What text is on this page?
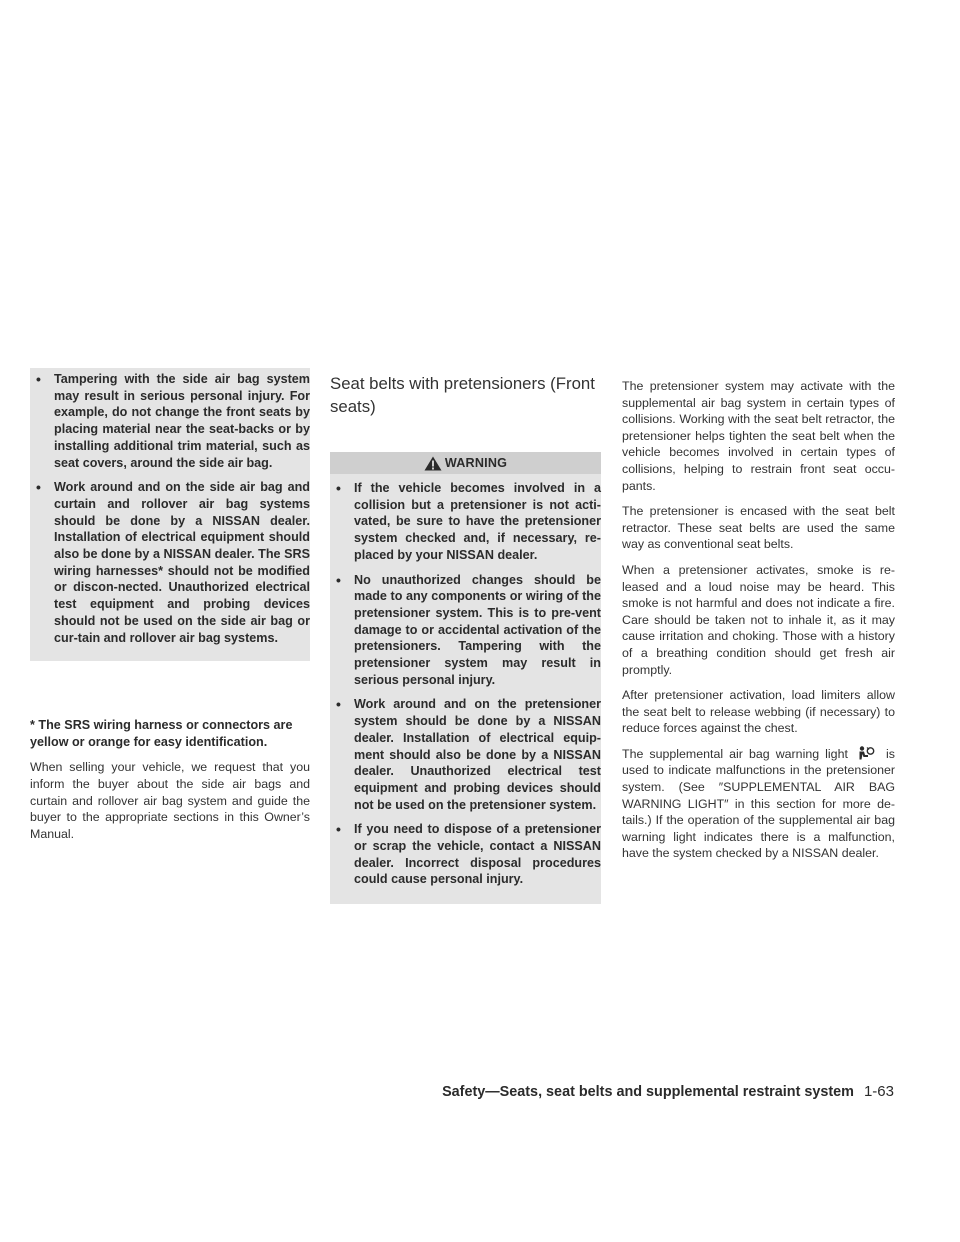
• Tampering with the side air bag system may result in serious personal injury. For example, do not change the front seats by placing material near the seat-backs or by installing additional trim material, such as seat covers, around the side air bag.
• Work around and on the side air bag and curtain and rollover air bag systems should be done by a NISSAN dealer. Installation of electrical equipment should also be done by a NISSAN dealer. The SRS wiring harnesses* should not be modified or discon-nected. Unauthorized electrical test equipment and probing devices should not be used on the side air bag or cur-tain and rollover air bag systems.

* The SRS wiring harness or connectors are yellow or orange for easy identification.

When selling your vehicle, we request that you inform the buyer about the side air bags and curtain and rollover air bag system and guide the buyer to the appropriate sections in this Owner’s Manual.

Seat belts with pretensioners (Front seats)
WARNING
• If the vehicle becomes involved in a collision but a pretensioner is not acti-vated, be sure to have the pretensioner system checked and, if necessary, re-placed by your NISSAN dealer.
• No unauthorized changes should be made to any components or wiring of the pretensioner system. This is to pre-vent damage to or accidental activation of the pretensioners. Tampering with the pretensioner system may result in serious personal injury.
• Work around and on the pretensioner system should be done by a NISSAN dealer. Installation of electrical equip-ment should also be done by a NISSAN dealer. Unauthorized electrical test equipment and probing devices should not be used on the pretensioner system.
• If you need to dispose of a pretensioner or scrap the vehicle, contact a NISSAN dealer. Incorrect disposal procedures could cause personal injury.

The pretensioner system may activate with the supplemental air bag system in certain types of collisions. Working with the seat belt retractor, the pretensioner helps tighten the seat belt when the vehicle becomes involved in certain types of collisions, helping to restrain front seat occu-pants.

The pretensioner is encased with the seat belt retractor. These seat belts are used the same way as conventional seat belts.

When a pretensioner activates, smoke is re-leased and a loud noise may be heard. This smoke is not harmful and does not indicate a fire. Care should be taken not to inhale it, as it may cause irritation and choking. Those with a history of a breathing condition should get fresh air promptly.

After pretensioner activation, load limiters allow the seat belt to release webbing (if necessary) to reduce forces against the chest.

The supplemental air bag warning light	is used to indicate malfunctions in the pretensioner system. (See ″SUPPLEMENTAL AIR BAG WARNING LIGHT″ in this section for more de-tails.) If the operation of the supplemental air bag warning light indicates there is a malfunction, have the system checked by a NISSAN dealer.

Safety—Seats, seat belts and supplemental restraint system 1-63
